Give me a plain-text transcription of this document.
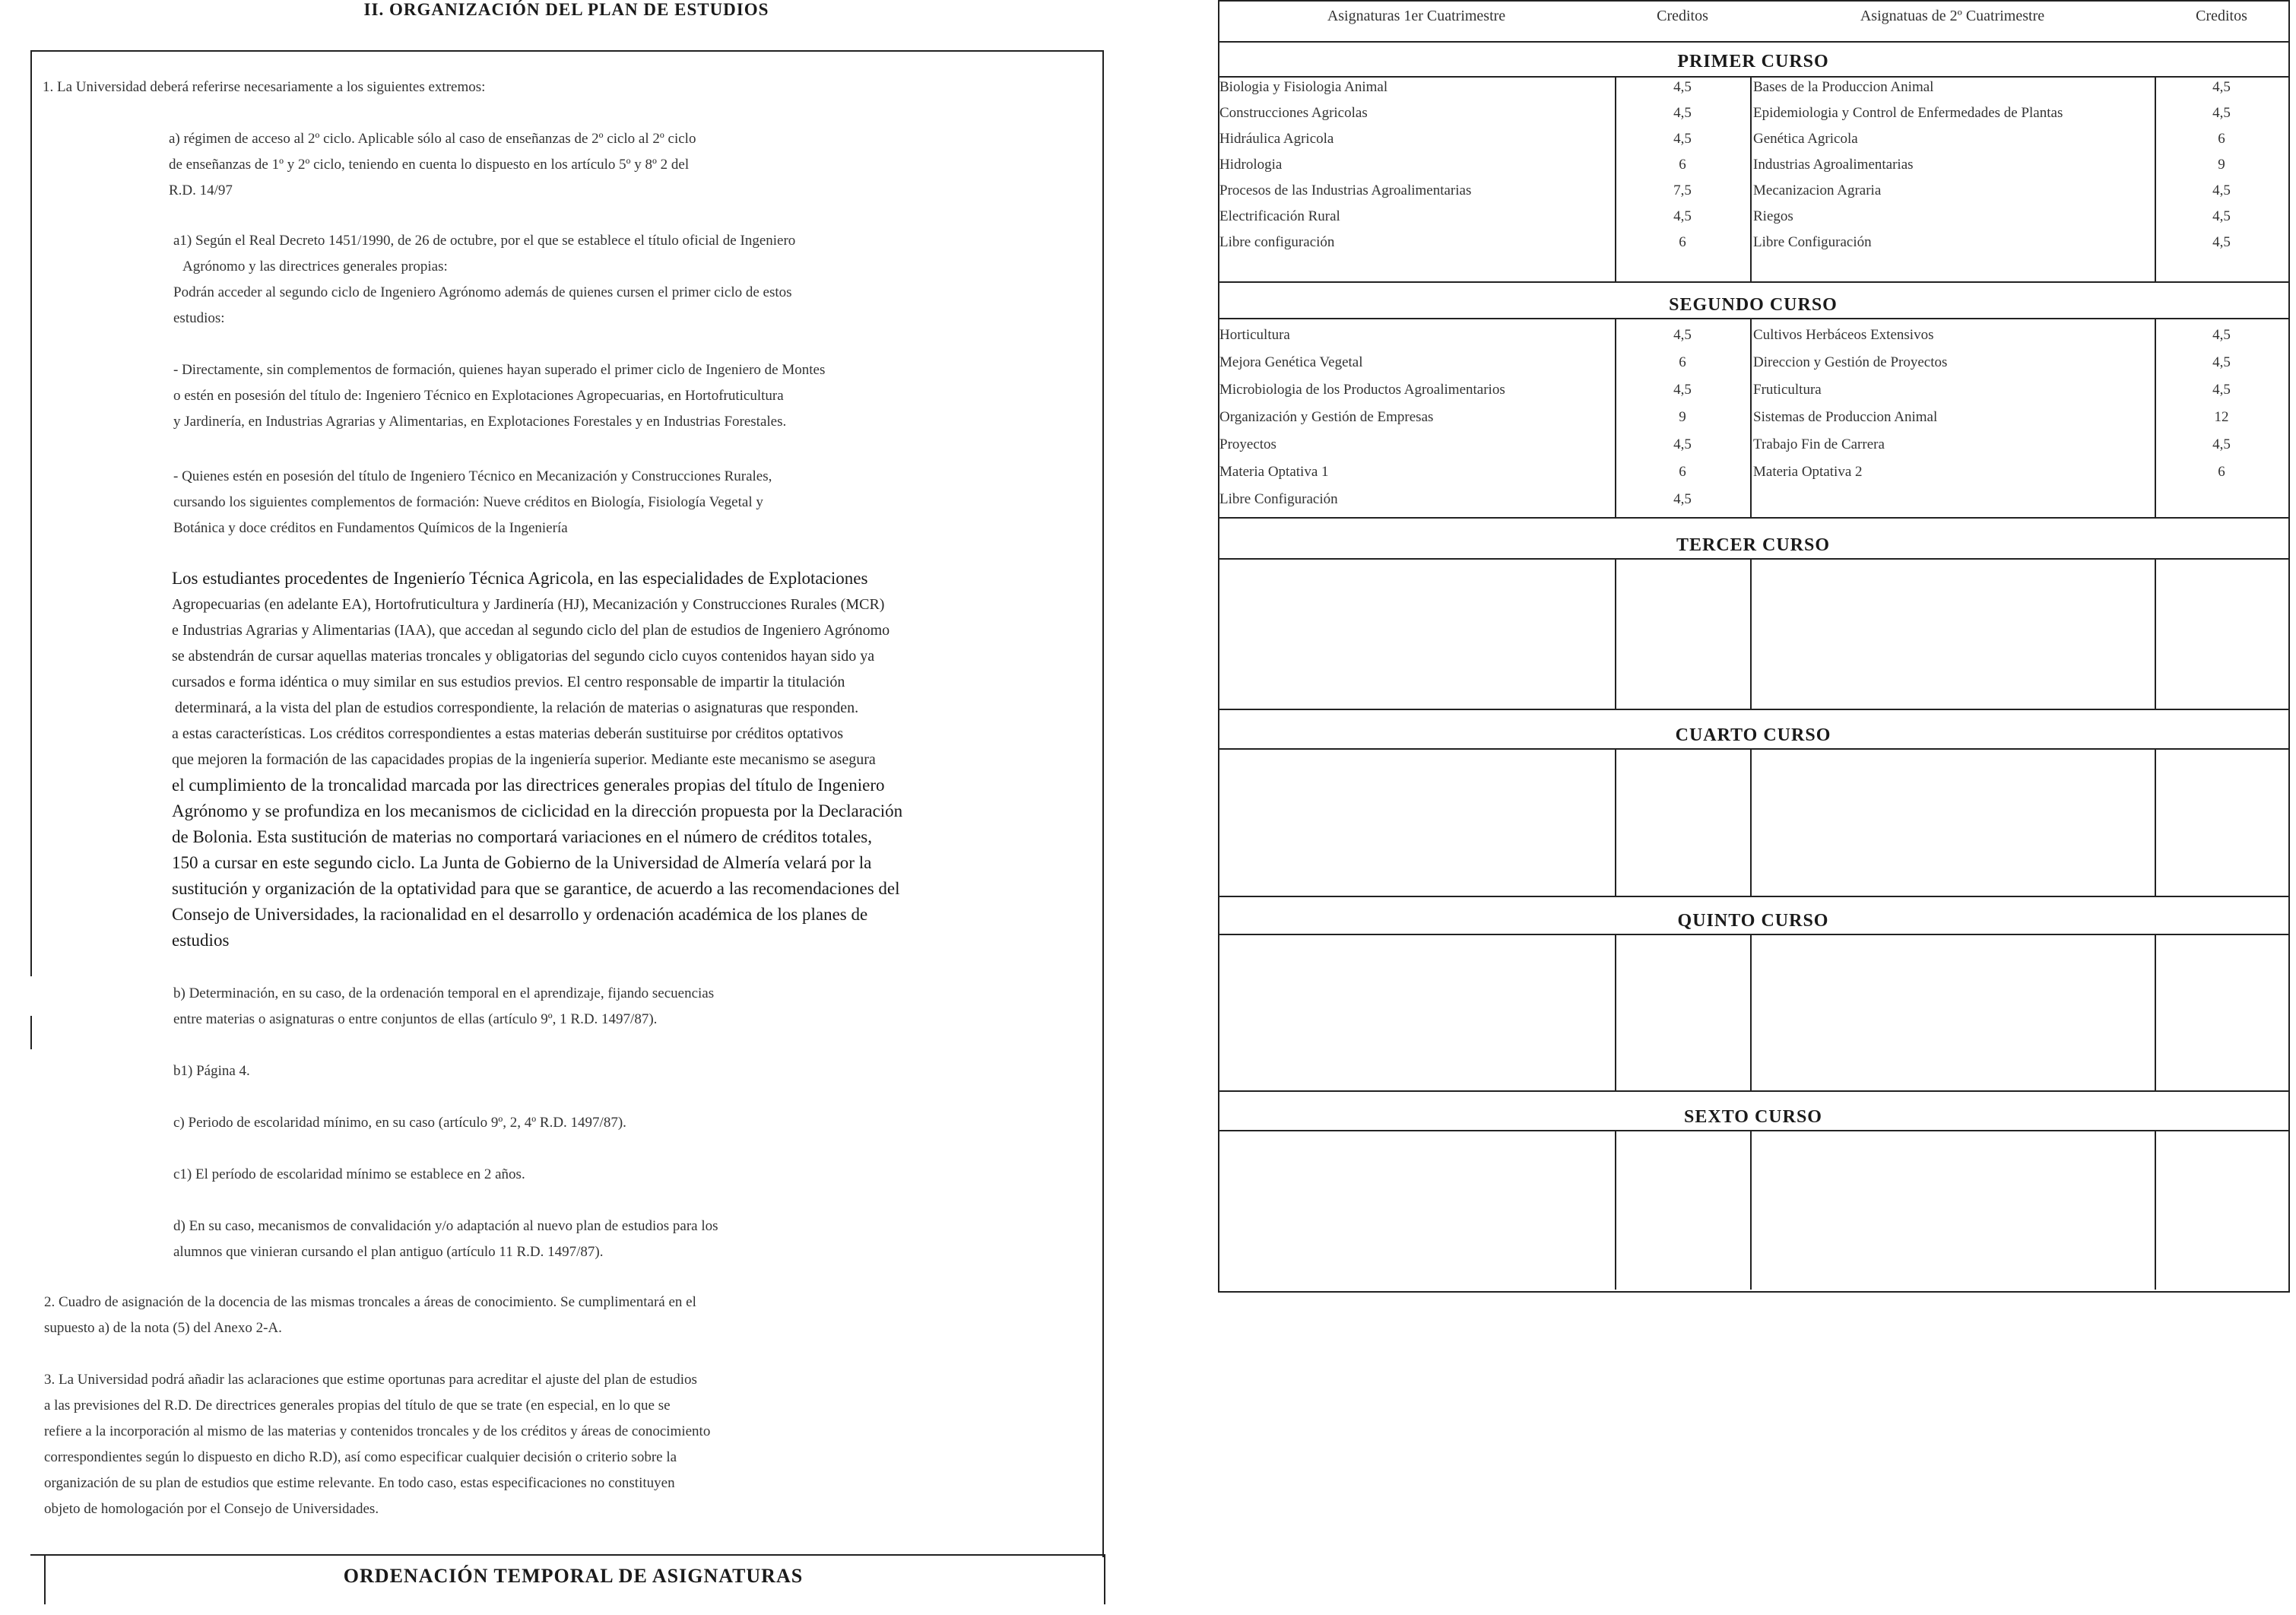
II. ORGANIZACIÓN DEL PLAN DE ESTUDIOS
ORDENACIÓN TEMPORAL DE ASIGNATURAS
1. La Universidad deberá referirse necesariamente a los siguientes extremos:
a) régimen de acceso al 2º ciclo. Aplicable sólo al caso de enseñanzas de 2º ciclo al 2º ciclo
de enseñanzas de 1º y 2º ciclo, teniendo en cuenta lo dispuesto en los artículo 5º y 8º 2 del
R.D. 14/97
a1) Según el Real Decreto 1451/1990, de 26 de octubre, por el que se establece el título oficial de Ingeniero
Agrónomo y las directrices generales propias:
Podrán acceder al segundo ciclo de Ingeniero Agrónomo además de quienes cursen el primer ciclo de estos
estudios:
- Directamente, sin complementos de formación, quienes hayan superado el primer ciclo de Ingeniero de Montes
o estén en posesión del título de: Ingeniero Técnico en Explotaciones Agropecuarias, en Hortofruticultura
y Jardinería, en Industrias Agrarias y Alimentarias, en Explotaciones Forestales y en Industrias Forestales.
- Quienes estén en posesión del título de Ingeniero Técnico en Mecanización y Construcciones Rurales,
cursando los siguientes complementos de formación: Nueve créditos en Biología, Fisiología Vegetal y
Botánica y doce créditos en Fundamentos Químicos de la Ingeniería
Los estudiantes procedentes de Ingenierío Técnica Agricola, en las especialidades de Explotaciones
Agropecuarias (en adelante EA), Hortofruticultura y Jardinería (HJ), Mecanización y Construcciones Rurales (MCR)
e Industrias Agrarias y Alimentarias (IAA), que accedan al segundo ciclo del plan de estudios de Ingeniero Agrónomo
se abstendrán de cursar aquellas materias troncales y obligatorias del segundo ciclo cuyos contenidos hayan sido ya
cursados e forma idéntica o muy similar en sus estudios previos. El centro responsable de impartir la titulación
determinará, a la vista del plan de estudios correspondiente, la relación de materias o asignaturas que responden.
a estas características. Los créditos correspondientes a estas materias deberán sustituirse por créditos optativos
que mejoren la formación de las capacidades propias de la ingeniería superior. Mediante este mecanismo se asegura
el cumplimiento de la troncalidad marcada por las directrices generales propias del título de Ingeniero
Agrónomo y se profundiza en los mecanismos de ciclicidad en la dirección propuesta por la Declaración
de Bolonia. Esta sustitución de materias no comportará variaciones en el número de créditos totales,
150 a cursar en este segundo ciclo. La Junta de Gobierno de la Universidad de Almería velará por la
sustitución y organización de la optatividad para que se garantice, de acuerdo a las recomendaciones del
Consejo de Universidades, la racionalidad en el desarrollo y ordenación académica de los planes de
estudios
b) Determinación, en su caso, de la ordenación temporal en el aprendizaje, fijando secuencias
entre materias o asignaturas o entre conjuntos de ellas (artículo 9º, 1 R.D. 1497/87).
b1) Página 4.
c) Periodo de escolaridad mínimo, en su caso (artículo 9º, 2, 4º R.D. 1497/87).
c1) El período de escolaridad mínimo se establece en 2 años.
d) En su caso, mecanismos de convalidación y/o adaptación al nuevo plan de estudios para los
alumnos que vinieran cursando el plan antiguo (artículo 11 R.D. 1497/87).
2. Cuadro de asignación de la docencia de las mismas troncales a áreas de conocimiento. Se cumplimentará en el
supuesto a) de la nota (5) del Anexo 2-A.
3. La Universidad podrá añadir las aclaraciones que estime oportunas para acreditar el ajuste del plan de estudios
a las previsiones del R.D. De directrices generales propias del título de que se trate (en especial, en lo que se
refiere a la incorporación al mismo de las materias y contenidos troncales y de los créditos y áreas de conocimiento
correspondientes según lo dispuesto en dicho R.D), así como especificar cualquier decisión o criterio sobre la
organización de su plan de estudios que estime relevante. En todo caso, estas especificaciones no constituyen
objeto de homologación por el Consejo de Universidades.
Asignaturas 1er Cuatrimestre	Creditos	Asignatuas de 2º Cuatrimestre	Creditos
PRIMER CURSO
Biologia y Fisiologia Animal	4,5	Bases de la Produccion Animal	4,5
Construcciones Agricolas	4,5	Epidemiologia y Control de Enfermedades de Plantas	4,5
Hidráulica Agricola	4,5	Genética Agricola	6
Hidrologia	6	Industrias Agroalimentarias	9
Procesos de las Industrias Agroalimentarias	7,5	Mecanizacion Agraria	4,5
Electrificación Rural	4,5	Riegos	4,5
Libre configuración	6	Libre Configuración	4,5
SEGUNDO CURSO
Horticultura	4,5	Cultivos Herbáceos Extensivos	4,5
Mejora Genética Vegetal	6	Direccion y Gestión de Proyectos	4,5
Microbiologia de los Productos Agroalimentarios	4,5	Fruticultura	4,5
Organización y Gestión de Empresas	9	Sistemas de Produccion Animal	12
Proyectos	4,5	Trabajo Fin de Carrera	4,5
Materia Optativa 1	6	Materia Optativa 2	6
Libre Configuración	4,5
TERCER CURSO
CUARTO CURSO
QUINTO CURSO
SEXTO CURSO
